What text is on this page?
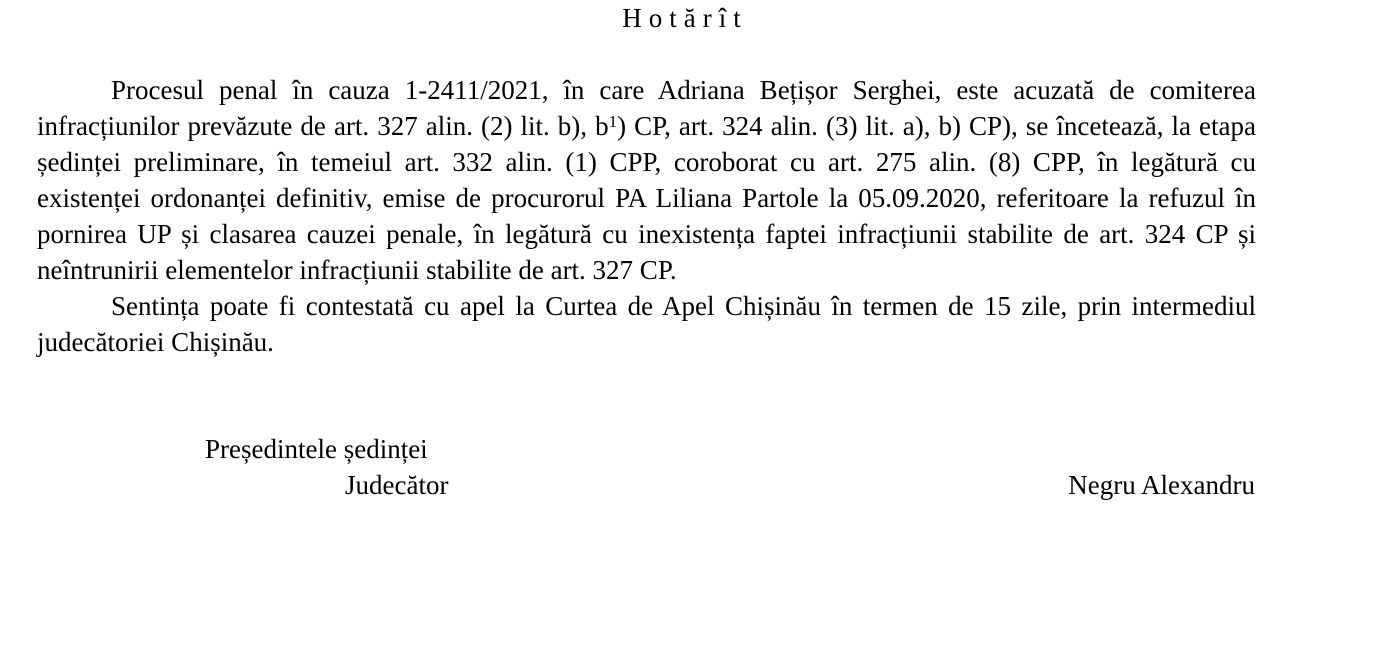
Hotărît

Procesul penal în cauza 1-2411/2021, în care Adriana Bețișor Serghei, este acuzată de comiterea infracțiunilor prevăzute de art. 327 alin. (2) lit. b), $b^1$) CP, art. 324 alin. (3) lit. a), b) CP), se încetează, la etapa ședinței preliminare, în temeiul art. 332 alin. (1) CPP, coroborat cu art. 275 alin. (8) CPP, în legătură cu existenței ordonanței definitiv, emise de procurorul PA Liliana Partole la 05.09.2020, referitoare la refuzul în pornirea UP și clasarea cauzei penale, în legătură cu inexistența faptei infracțiunii stabilite de art. 324 CP și neîntrunirii elementelor infracțiunii stabilite de art. 327 CP.

Sentința poate fi contestată cu apel la Curtea de Apel Chișinău în termen de 15 zile, prin intermediul judecătoriei Chișinău.

Președintele ședinței
Judecător	Negru Alexandru
